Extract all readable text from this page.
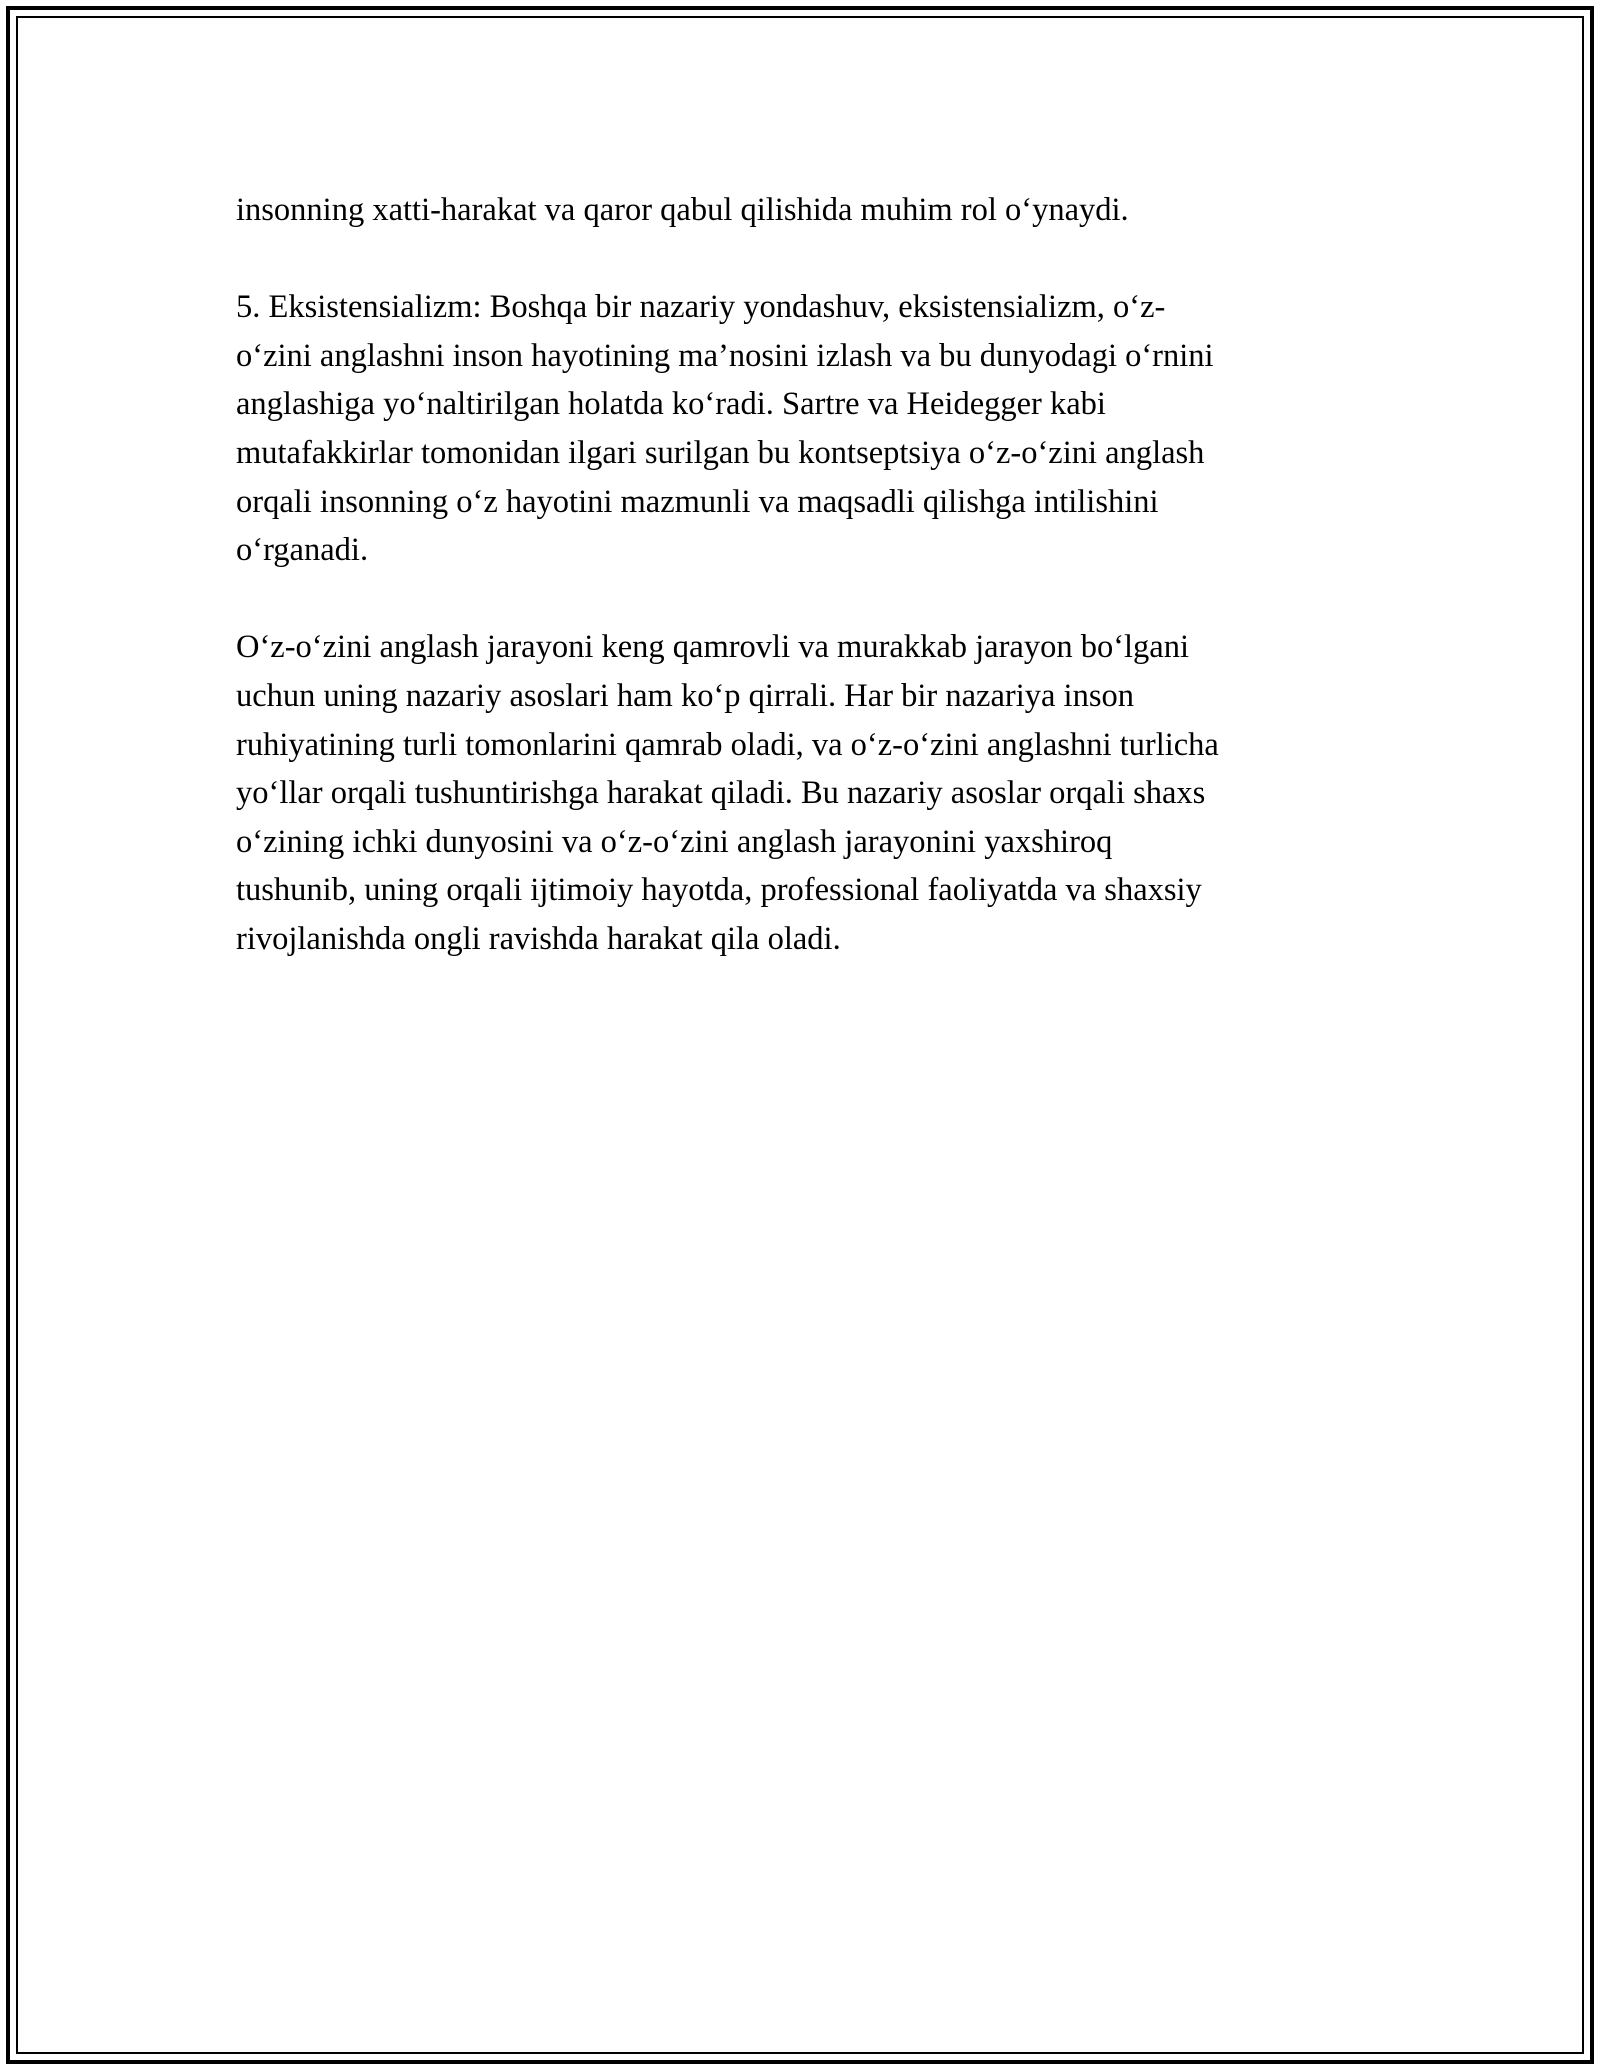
insonning xatti-harakat va qaror qabul qilishida muhim rol o‘ynaydi.
5. Eksistensializm: Boshqa bir nazariy yondashuv, eksistensializm, o‘z-
o‘zini anglashni inson hayotining ma’nosini izlash va bu dunyodagi o‘rnini
anglashiga yo‘naltirilgan holatda ko‘radi. Sartre va Heidegger kabi
mutafakkirlar tomonidan ilgari surilgan bu kontseptsiya o‘z-o‘zini anglash
orqali insonning o‘z hayotini mazmunli va maqsadli qilishga intilishini
o‘rganadi.
O‘z-o‘zini anglash jarayoni keng qamrovli va murakkab jarayon bo‘lgani
uchun uning nazariy asoslari ham ko‘p qirrali. Har bir nazariya inson
ruhiyatining turli tomonlarini qamrab oladi, va o‘z-o‘zini anglashni turlicha
yo‘llar orqali tushuntirishga harakat qiladi. Bu nazariy asoslar orqali shaxs
o‘zining ichki dunyosini va o‘z-o‘zini anglash jarayonini yaxshiroq
tushunib, uning orqali ijtimoiy hayotda, professional faoliyatda va shaxsiy
rivojlanishda ongli ravishda harakat qila oladi.
